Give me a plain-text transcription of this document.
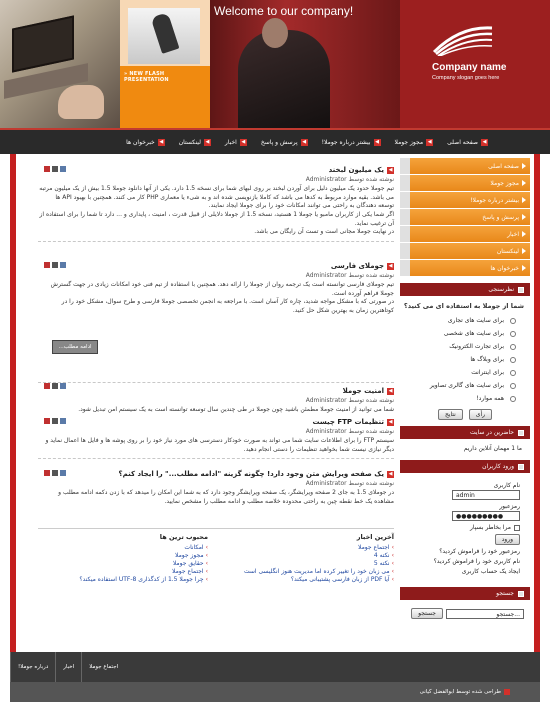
» NEW FLASH PRESENTATION
Welcome to our company!
Company name
Company slogan goes here
◀
صفحه اصلی
◀
مجوز جوملا
◀
بیشتر درباره جوملا!
◀
پرسش و پاسخ
◀
اخبار
◀
لینکستان
◀
خبرخوان ها
◀
یک میلیون لبخند
نوشته شده توسط Administrator
تیم جوملا حدود یک میلیون دلیل برای آوردن لبخند بر روی لبهای شما برای نسخه 1.5 دارد. یکی از آنها دانلود جوملا 1.5 بیش از یک میلیون مرتبه می باشد. بقیه موارد مربوط به کدها می باشد که کاملا بازنویسی شده اند و به شیء یا معماری PHP کار می کنند. همچنین با بهبود API ها توسعه دهندگان به راحتی می توانند امکانات خود را برای جوملا ایجاد نمایند.
اگر شما یکی از کاربران مامبو یا جوملا 1 هستید، نسخه 1.5 از جوملا دلایلی از قبیل قدرت ، امنیت ، پایداری و ... دارد تا شما را برای استفاده از آن ترغیب نماید.
در نهایت جوملا مجانی است و تست آن رایگان می باشد.
◀
جوملای فارسی
نوشته شده توسط Administrator
تیم جوملای فارسی توانسته است یک ترجمه روان از جوملا را ارائه دهد. همچنین با استفاده از تیم فنی خود امکانات زیادی در جهت گسترش جوملا فراهم آورده است.
در صورتی که با مشکل مواجه شدید، چاره کار آسان است. با مراجعه به انجمن تخصصی جوملا فارسی و طرح سوال، مشکل خود را در کوتاهترین زمان به بهترین شکل حل کنید.
ادامه مطلب...
◀
امنیت جوملا
نوشته شده توسط Administrator
شما می توانید از امنیت جوملا مطمئن باشید چون جوملا در طی چندین سال توسعه توانسته است به یک سیستم امن تبدیل شود.
◀
تنظیمات FTP چیست
نوشته شده توسط Administrator
سیستم FTP را برای اطلاعات سایت شما می تواند به صورت خودکار دسترسی های مورد نیاز خود را بر روی پوشه ها و فایل ها اعمال نماید و دیگر نیازی نیست شما بخواهید تنظیمات را دستی انجام دهید.
◀
یک صفحه ویرایش متن وجود دارد! چگونه گزینه "ادامه مطلب..." را ایجاد کنم؟
نوشته شده توسط Administrator
در جوملای 1.5 به جای 2 صفحه ویرایشگر، یک صفحه ویرایشگر وجود دارد که به شما این امکان را میدهد که با زدن دکمه ادامه مطلب و مشاهده یک خط نقطه چین به راحتی محدوده خلاصه مطلب و ادامه مطلب را مشخص نمایید.
آخرین اخبار
›
اجتماع جوملا
›
نکته 4
›
نکته 5
›
می زبان خود را تغییر کرده اما مدیریت هنوز انگلیسی است
›
آیا PDF از زبان فارسی پشتیبانی میکند؟
محبوب ترین ها
›
امکانات
›
مجوز جوملا
›
حقایق جوملا
›
اجتماع جوملا
›
چرا جوملا 1.5 از کدگذاری UTF-8 استفاده میکند؟
صفحه اصلی
مجوز جوملا
بیشتر درباره جوملا!
پرسش و پاسخ
اخبار
لینکستان
خبرخوان ها
نظرسنجی
شما از جوملا به استفاده اى مى كنيد؟
برای سایت های تجاری
برای سایت های شخصی
برای تجارت الکترونیک
برای وبلاگ ها
برای اینترانت
برای سایت های گالری تصاویر
همه موارد!
رأی
نتایج
حاضرین در سایت
ما 1 مهمان آنلاین داریم
ورود کاربران
نام کاربری
admin
رمزعبور
●●●●●●●●●
مرا بخاطر بسپار
ورود
رمزعبور خود را فراموش کردید؟
نام کاربری خود را فراموش کردید؟
ایجاد یک حساب کاربری
جستجو
جستجو	جستجو...
درباره جوملا!	اخبار	اجتماع جوملا
طراحی شده توسط ابوالفضل کیانی
